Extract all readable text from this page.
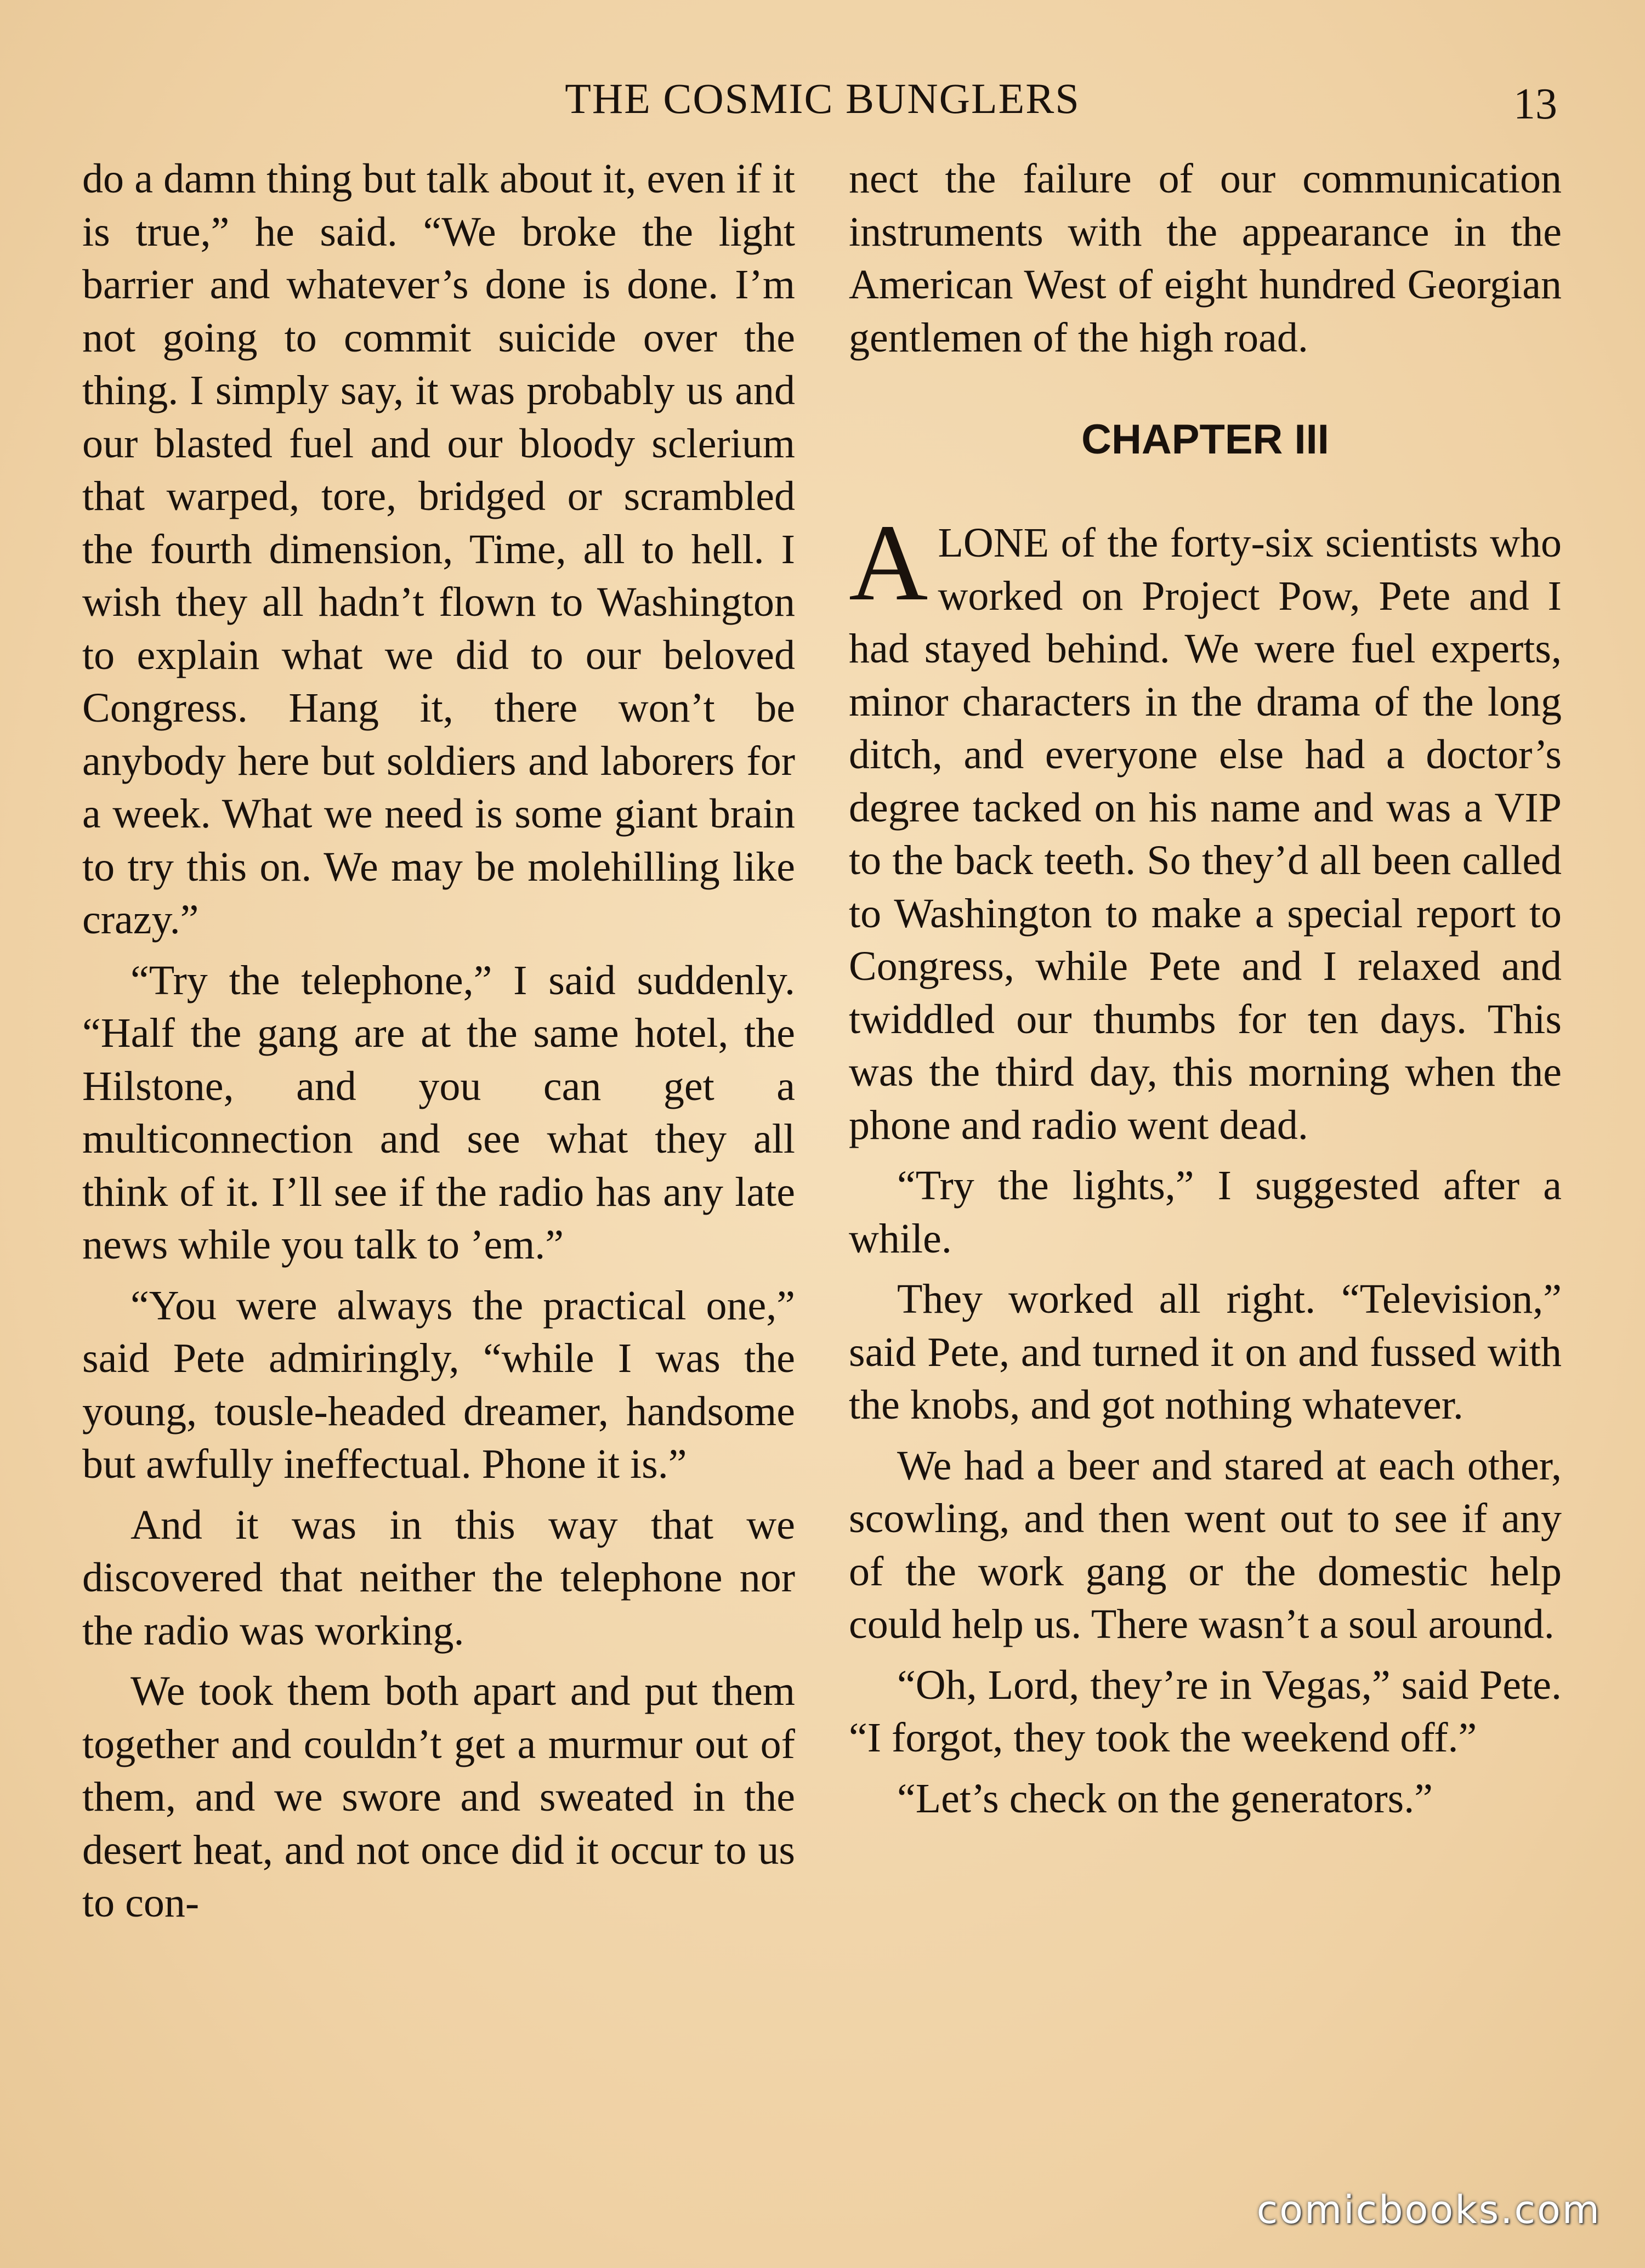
THE COSMIC BUNGLERS	13

do a damn thing but talk about it, even if it is true,” he said. “We broke the light barrier and whatever’s done is done. I’m not going to commit suicide over the thing. I simply say, it was probably us and our blasted fuel and our bloody sclerium that warped, tore, bridged or scrambled the fourth dimension, Time, all to hell. I wish they all hadn’t flown to Washington to explain what we did to our beloved Congress. Hang it, there won’t be anybody here but soldiers and laborers for a week. What we need is some giant brain to try this on. We may be molehilling like crazy.”

“Try the telephone,” I said suddenly. “Half the gang are at the same hotel, the Hilstone, and you can get a multiconnection and see what they all think of it. I’ll see if the radio has any late news while you talk to ’em.”

“You were always the practical one,” said Pete admiringly, “while I was the young, tousle-headed dreamer, handsome but awfully ineffectual. Phone it is.”

And it was in this way that we discovered that neither the telephone nor the radio was working.

We took them both apart and put them together and couldn’t get a murmur out of them, and we swore and sweated in the desert heat, and not once did it occur to us to con-

nect the failure of our communication instruments with the appearance in the American West of eight hundred Georgian gentlemen of the high road.

CHAPTER III

ALONE of the forty-six scientists who worked on Project Pow, Pete and I had stayed behind. We were fuel experts, minor characters in the drama of the long ditch, and everyone else had a doctor’s degree tacked on his name and was a VIP to the back teeth. So they’d all been called to Washington to make a special report to Congress, while Pete and I relaxed and twiddled our thumbs for ten days. This was the third day, this morning when the phone and radio went dead.

“Try the lights,” I suggested after a while.

They worked all right. “Television,” said Pete, and turned it on and fussed with the knobs, and got nothing whatever.

We had a beer and stared at each other, scowling, and then went out to see if any of the work gang or the domestic help could help us. There wasn’t a soul around.

“Oh, Lord, they’re in Vegas,” said Pete. “I forgot, they took the weekend off.”

“Let’s check on the generators.”

comicbooks.com
